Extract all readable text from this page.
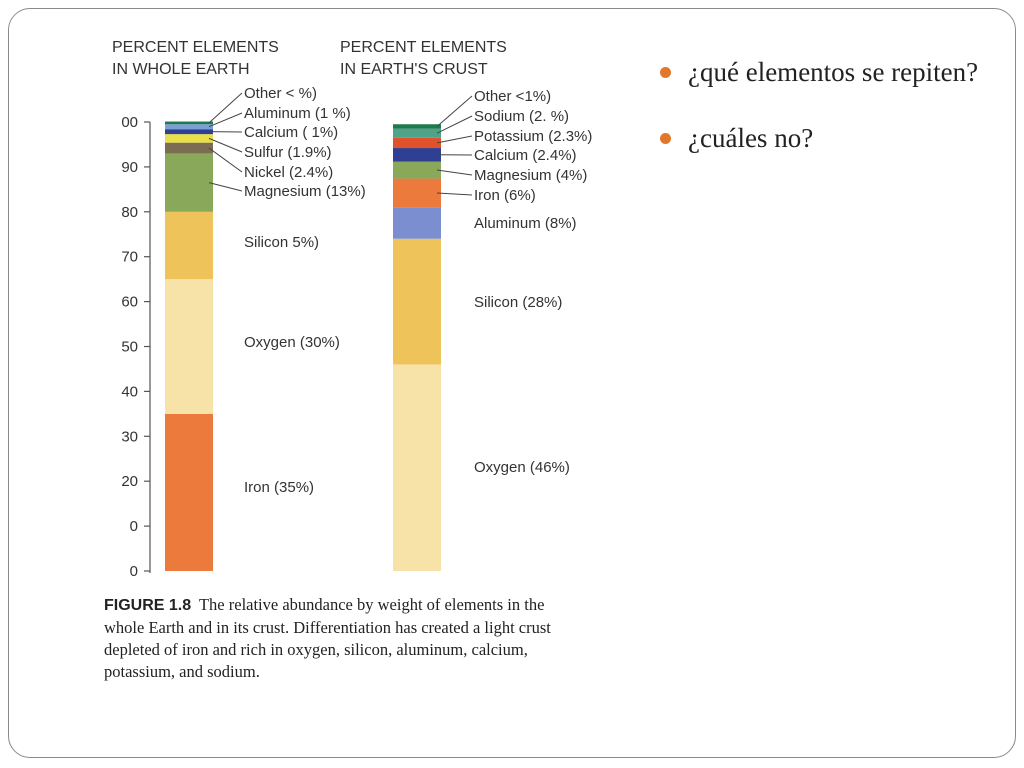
0
0
20
30
40
50
60
70
80
90
00
PERCENT ELEMENTS
IN WHOLE EARTH
Iron (35%)
Oxygen (30%)
Silicon 5%)
Magnesium (13%)
Nickel (2.4%)
Sulfur (1.9%)
Calcium ( 1%)
Aluminum (1 %)
Other < %)
PERCENT ELEMENTS
IN EARTH'S CRUST
Oxygen (46%)
Silicon (28%)
Aluminum (8%)
Iron (6%)
Magnesium (4%)
Calcium (2.4%)
Potassium (2.3%)
Sodium (2. %)
Other <1%)
FIGURE 1.8 The relative abundance by weight of elements in the whole Earth and in its crust. Differentiation has created a light crust depleted of iron and rich in oxygen, silicon, aluminum, calcium, potassium, and sodium.
¿qué elementos se repiten?
¿cuáles no?
